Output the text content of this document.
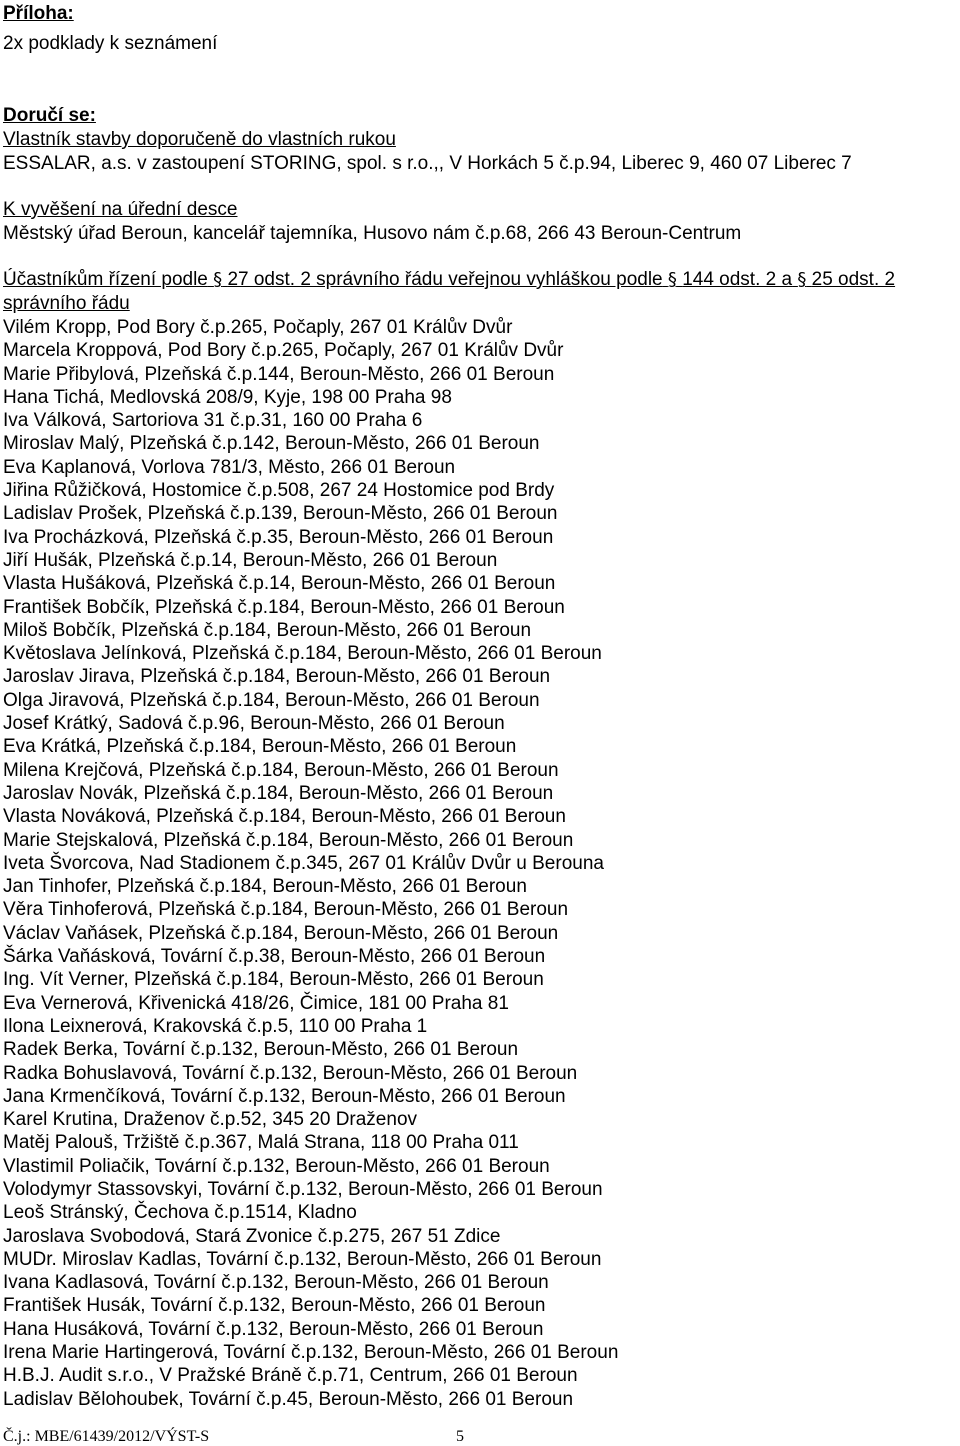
Příloha:
2x podklady k seznámení
Doručí se:
Vlastník stavby doporučeně do vlastních rukou
ESSALAR, a.s. v zastoupení STORING, spol. s r.o.,, V Horkách 5 č.p.94, Liberec 9, 460 07 Liberec 7
K vyvěšení na úřední desce
Městský úřad Beroun, kancelář tajemníka, Husovo nám č.p.68, 266 43 Beroun-Centrum
Účastníkům řízení podle § 27 odst. 2 správního řádu veřejnou vyhláškou podle § 144 odst. 2 a § 25 odst. 2 správního řádu
Vilém Kropp, Pod Bory č.p.265, Počaply, 267 01 Králův Dvůr
Marcela Kroppová, Pod Bory č.p.265, Počaply, 267 01 Králův Dvůr
Marie Přibylová, Plzeňská č.p.144, Beroun-Město, 266 01 Beroun
Hana Tichá, Medlovská 208/9, Kyje, 198 00 Praha 98
Iva Válková, Sartoriova 31 č.p.31, 160 00 Praha 6
Miroslav Malý, Plzeňská č.p.142, Beroun-Město, 266 01 Beroun
Eva Kaplanová, Vorlova 781/3, Město, 266 01 Beroun
Jiřina Růžičková, Hostomice č.p.508, 267 24 Hostomice pod Brdy
Ladislav Prošek, Plzeňská č.p.139, Beroun-Město, 266 01 Beroun
Iva Procházková, Plzeňská č.p.35, Beroun-Město, 266 01 Beroun
Jiří Hušák, Plzeňská č.p.14, Beroun-Město, 266 01 Beroun
Vlasta Hušáková, Plzeňská č.p.14, Beroun-Město, 266 01 Beroun
František Bobčík, Plzeňská č.p.184, Beroun-Město, 266 01 Beroun
Miloš Bobčík, Plzeňská č.p.184, Beroun-Město, 266 01 Beroun
Květoslava Jelínková, Plzeňská č.p.184, Beroun-Město, 266 01 Beroun
Jaroslav Jirava, Plzeňská č.p.184, Beroun-Město, 266 01 Beroun
Olga Jiravová, Plzeňská č.p.184, Beroun-Město, 266 01 Beroun
Josef Krátký, Sadová č.p.96, Beroun-Město, 266 01 Beroun
Eva Krátká, Plzeňská č.p.184, Beroun-Město, 266 01 Beroun
Milena Krejčová, Plzeňská č.p.184, Beroun-Město, 266 01 Beroun
Jaroslav Novák, Plzeňská č.p.184, Beroun-Město, 266 01 Beroun
Vlasta Nováková, Plzeňská č.p.184, Beroun-Město, 266 01 Beroun
Marie Stejskalová, Plzeňská č.p.184, Beroun-Město, 266 01 Beroun
Iveta Švorcova, Nad Stadionem č.p.345, 267 01 Králův Dvůr u Berouna
Jan Tinhofer, Plzeňská č.p.184, Beroun-Město, 266 01 Beroun
Věra Tinhoferová, Plzeňská č.p.184, Beroun-Město, 266 01 Beroun
Václav Vaňásek, Plzeňská č.p.184, Beroun-Město, 266 01 Beroun
Šárka Vaňásková, Tovární č.p.38, Beroun-Město, 266 01 Beroun
Ing. Vít Verner, Plzeňská č.p.184, Beroun-Město, 266 01 Beroun
Eva Vernerová, Křivenická 418/26, Čimice, 181 00 Praha 81
Ilona Leixnerová, Krakovská č.p.5, 110 00 Praha 1
Radek Berka, Tovární č.p.132, Beroun-Město, 266 01 Beroun
Radka Bohuslavová, Tovární č.p.132, Beroun-Město, 266 01 Beroun
Jana Krmenčíková, Tovární č.p.132, Beroun-Město, 266 01 Beroun
Karel Krutina, Draženov č.p.52, 345 20 Draženov
Matěj Palouš, Tržiště č.p.367, Malá Strana, 118 00 Praha 011
Vlastimil Poliačik, Tovární č.p.132, Beroun-Město, 266 01 Beroun
Volodymyr Stassovskyi, Tovární č.p.132, Beroun-Město, 266 01 Beroun
Leoš Stránský, Čechova č.p.1514, Kladno
Jaroslava Svobodová, Stará Zvonice č.p.275, 267 51 Zdice
MUDr. Miroslav Kadlas, Tovární č.p.132, Beroun-Město, 266 01 Beroun
Ivana Kadlasová, Tovární č.p.132, Beroun-Město, 266 01 Beroun
František Husák, Tovární č.p.132, Beroun-Město, 266 01 Beroun
Hana Husáková, Tovární č.p.132, Beroun-Město, 266 01 Beroun
Irena Marie Hartingerová, Tovární č.p.132, Beroun-Město, 266 01 Beroun
H.B.J. Audit s.r.o., V Pražské Bráně č.p.71, Centrum, 266 01 Beroun
Ladislav Bělohoubek, Tovární č.p.45, Beroun-Město, 266 01 Beroun
Č.j.: MBE/61439/2012/VÝST-S	5
